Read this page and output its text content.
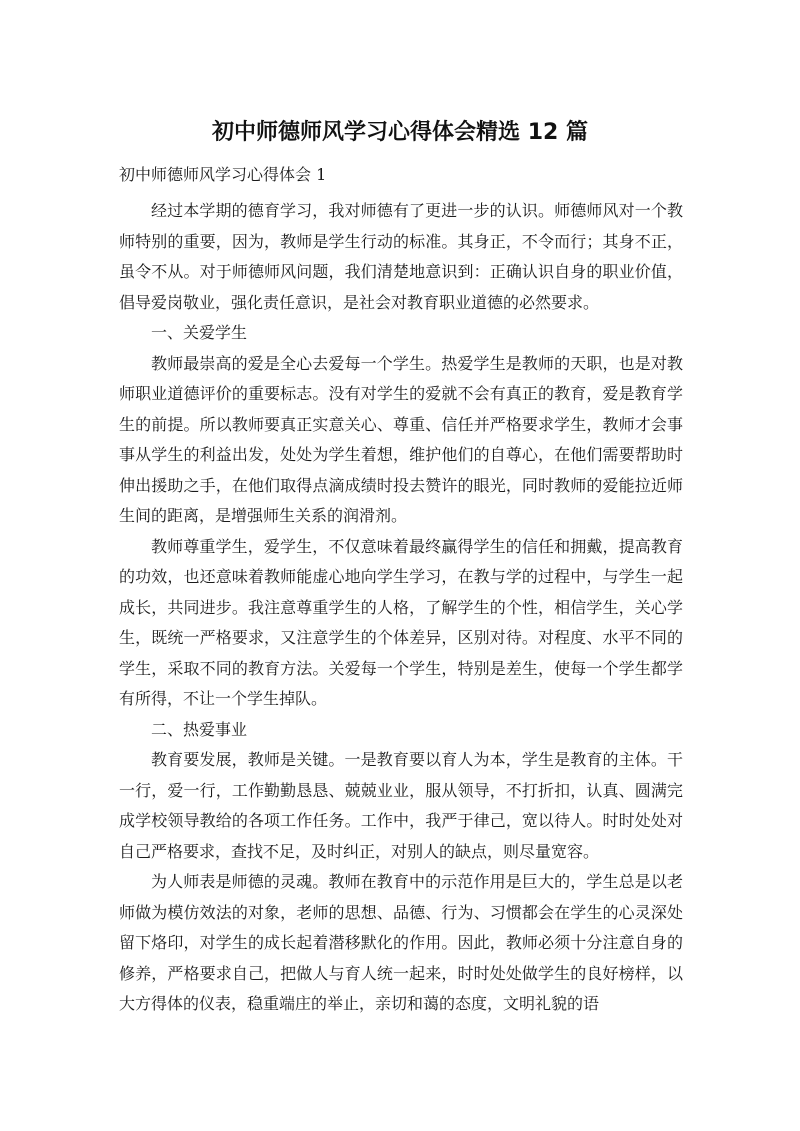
初中师德师风学习心得体会精选 12 篇

初中师德师风学习心得体会 1

经过本学期的德育学习，我对师德有了更进一步的认识。师德师风对一个教师特别的重要，因为，教师是学生行动的标准。其身正，不令而行；其身不正，虽令不从。对于师德师风问题，我们清楚地意识到：正确认识自身的职业价值，倡导爱岗敬业，强化责任意识，是社会对教育职业道德的必然要求。

一、关爱学生

教师最崇高的爱是全心去爱每一个学生。热爱学生是教师的天职，也是对教师职业道德评价的重要标志。没有对学生的爱就不会有真正的教育，爱是教育学生的前提。所以教师要真正实意关心、尊重、信任并严格要求学生，教师才会事事从学生的利益出发，处处为学生着想，维护他们的自尊心，在他们需要帮助时伸出援助之手，在他们取得点滴成绩时投去赞许的眼光，同时教师的爱能拉近师生间的距离，是增强师生关系的润滑剂。

教师尊重学生，爱学生，不仅意味着最终赢得学生的信任和拥戴，提高教育的功效，也还意味着教师能虚心地向学生学习，在教与学的过程中，与学生一起成长，共同进步。我注意尊重学生的人格，了解学生的个性，相信学生，关心学生，既统一严格要求，又注意学生的个体差异，区别对待。对程度、水平不同的学生，采取不同的教育方法。关爱每一个学生，特别是差生，使每一个学生都学有所得，不让一个学生掉队。

二、热爱事业

教育要发展，教师是关键。一是教育要以育人为本，学生是教育的主体。干一行，爱一行，工作勤勤恳恳、兢兢业业，服从领导，不打折扣，认真、圆满完成学校领导教给的各项工作任务。工作中，我严于律己，宽以待人。时时处处对自己严格要求，查找不足，及时纠正，对别人的缺点，则尽量宽容。

为人师表是师德的灵魂。教师在教育中的示范作用是巨大的，学生总是以老师做为模仿效法的对象，老师的思想、品德、行为、习惯都会在学生的心灵深处留下烙印，对学生的成长起着潜移默化的作用。因此，教师必须十分注意自身的修养，严格要求自己，把做人与育人统一起来，时时处处做学生的良好榜样，以大方得体的仪表，稳重端庄的举止，亲切和蔼的态度，文明礼貌的语
